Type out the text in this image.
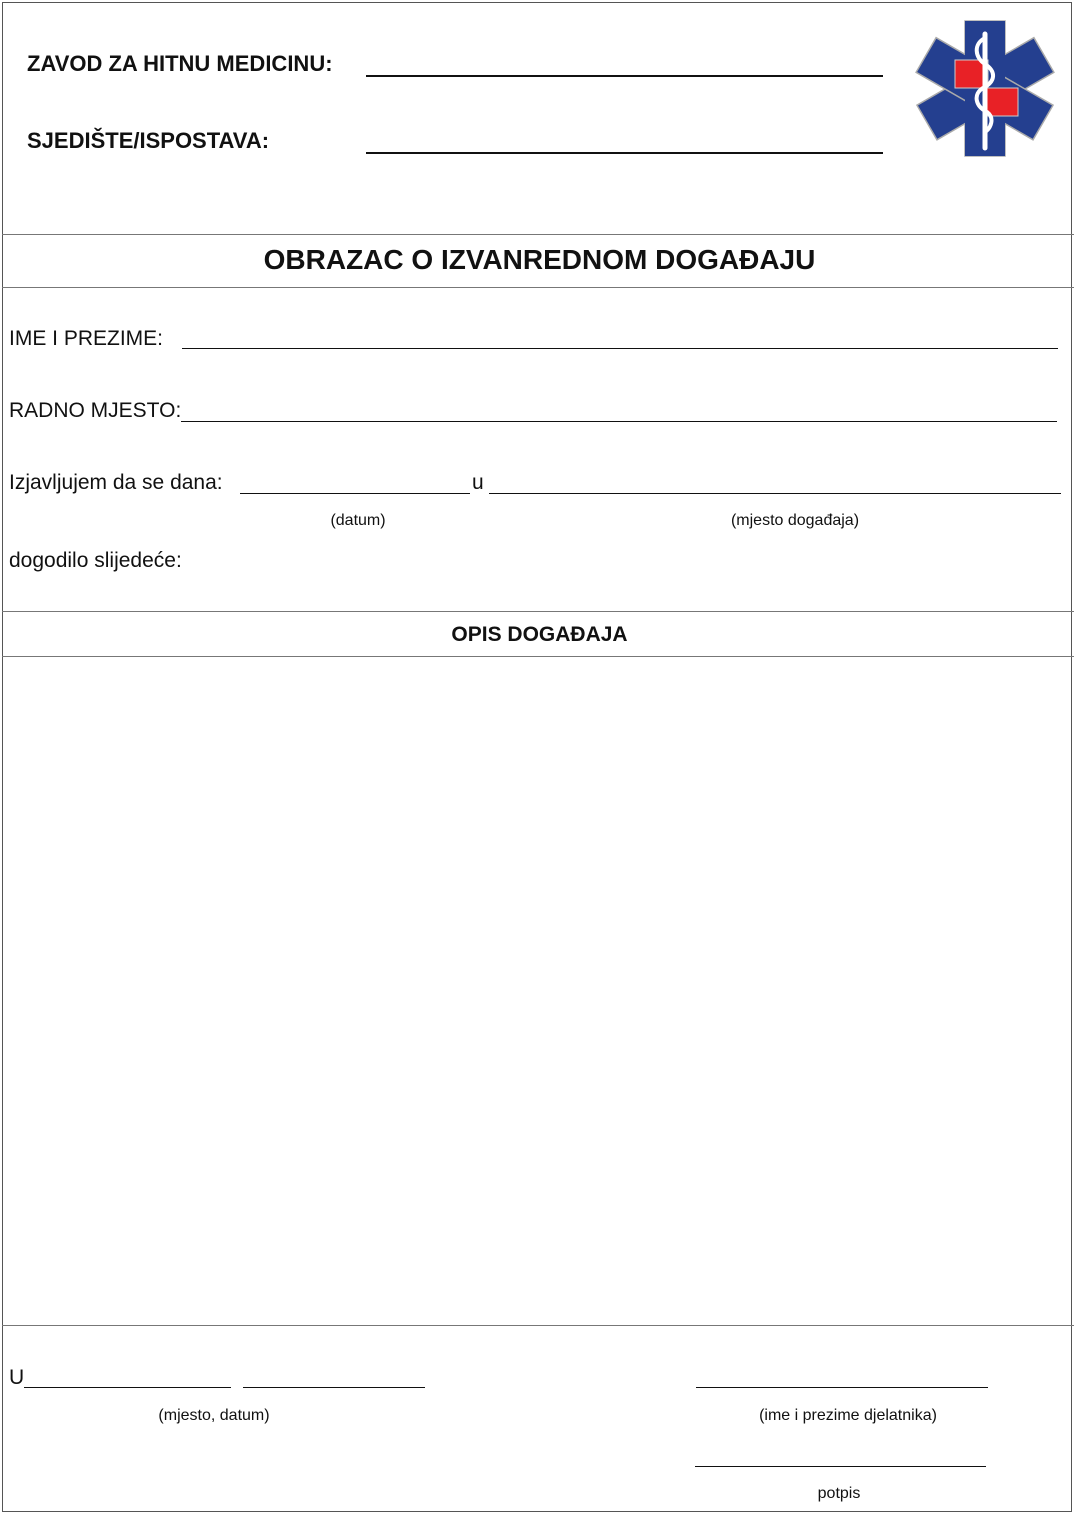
ZAVOD ZA HITNU MEDICINU:
SJEDIŠTE/ISPOSTAVA:
OBRAZAC O IZVANREDNOM DOGAĐAJU
IME I PREZIME:
RADNO MJESTO:
Izjavljujem da se dana:	u
(datum)	(mjesto događaja)
dogodilo slijedeće:
OPIS DOGAĐAJA
U
(mjesto, datum)	(ime i prezime djelatnika)
potpis
